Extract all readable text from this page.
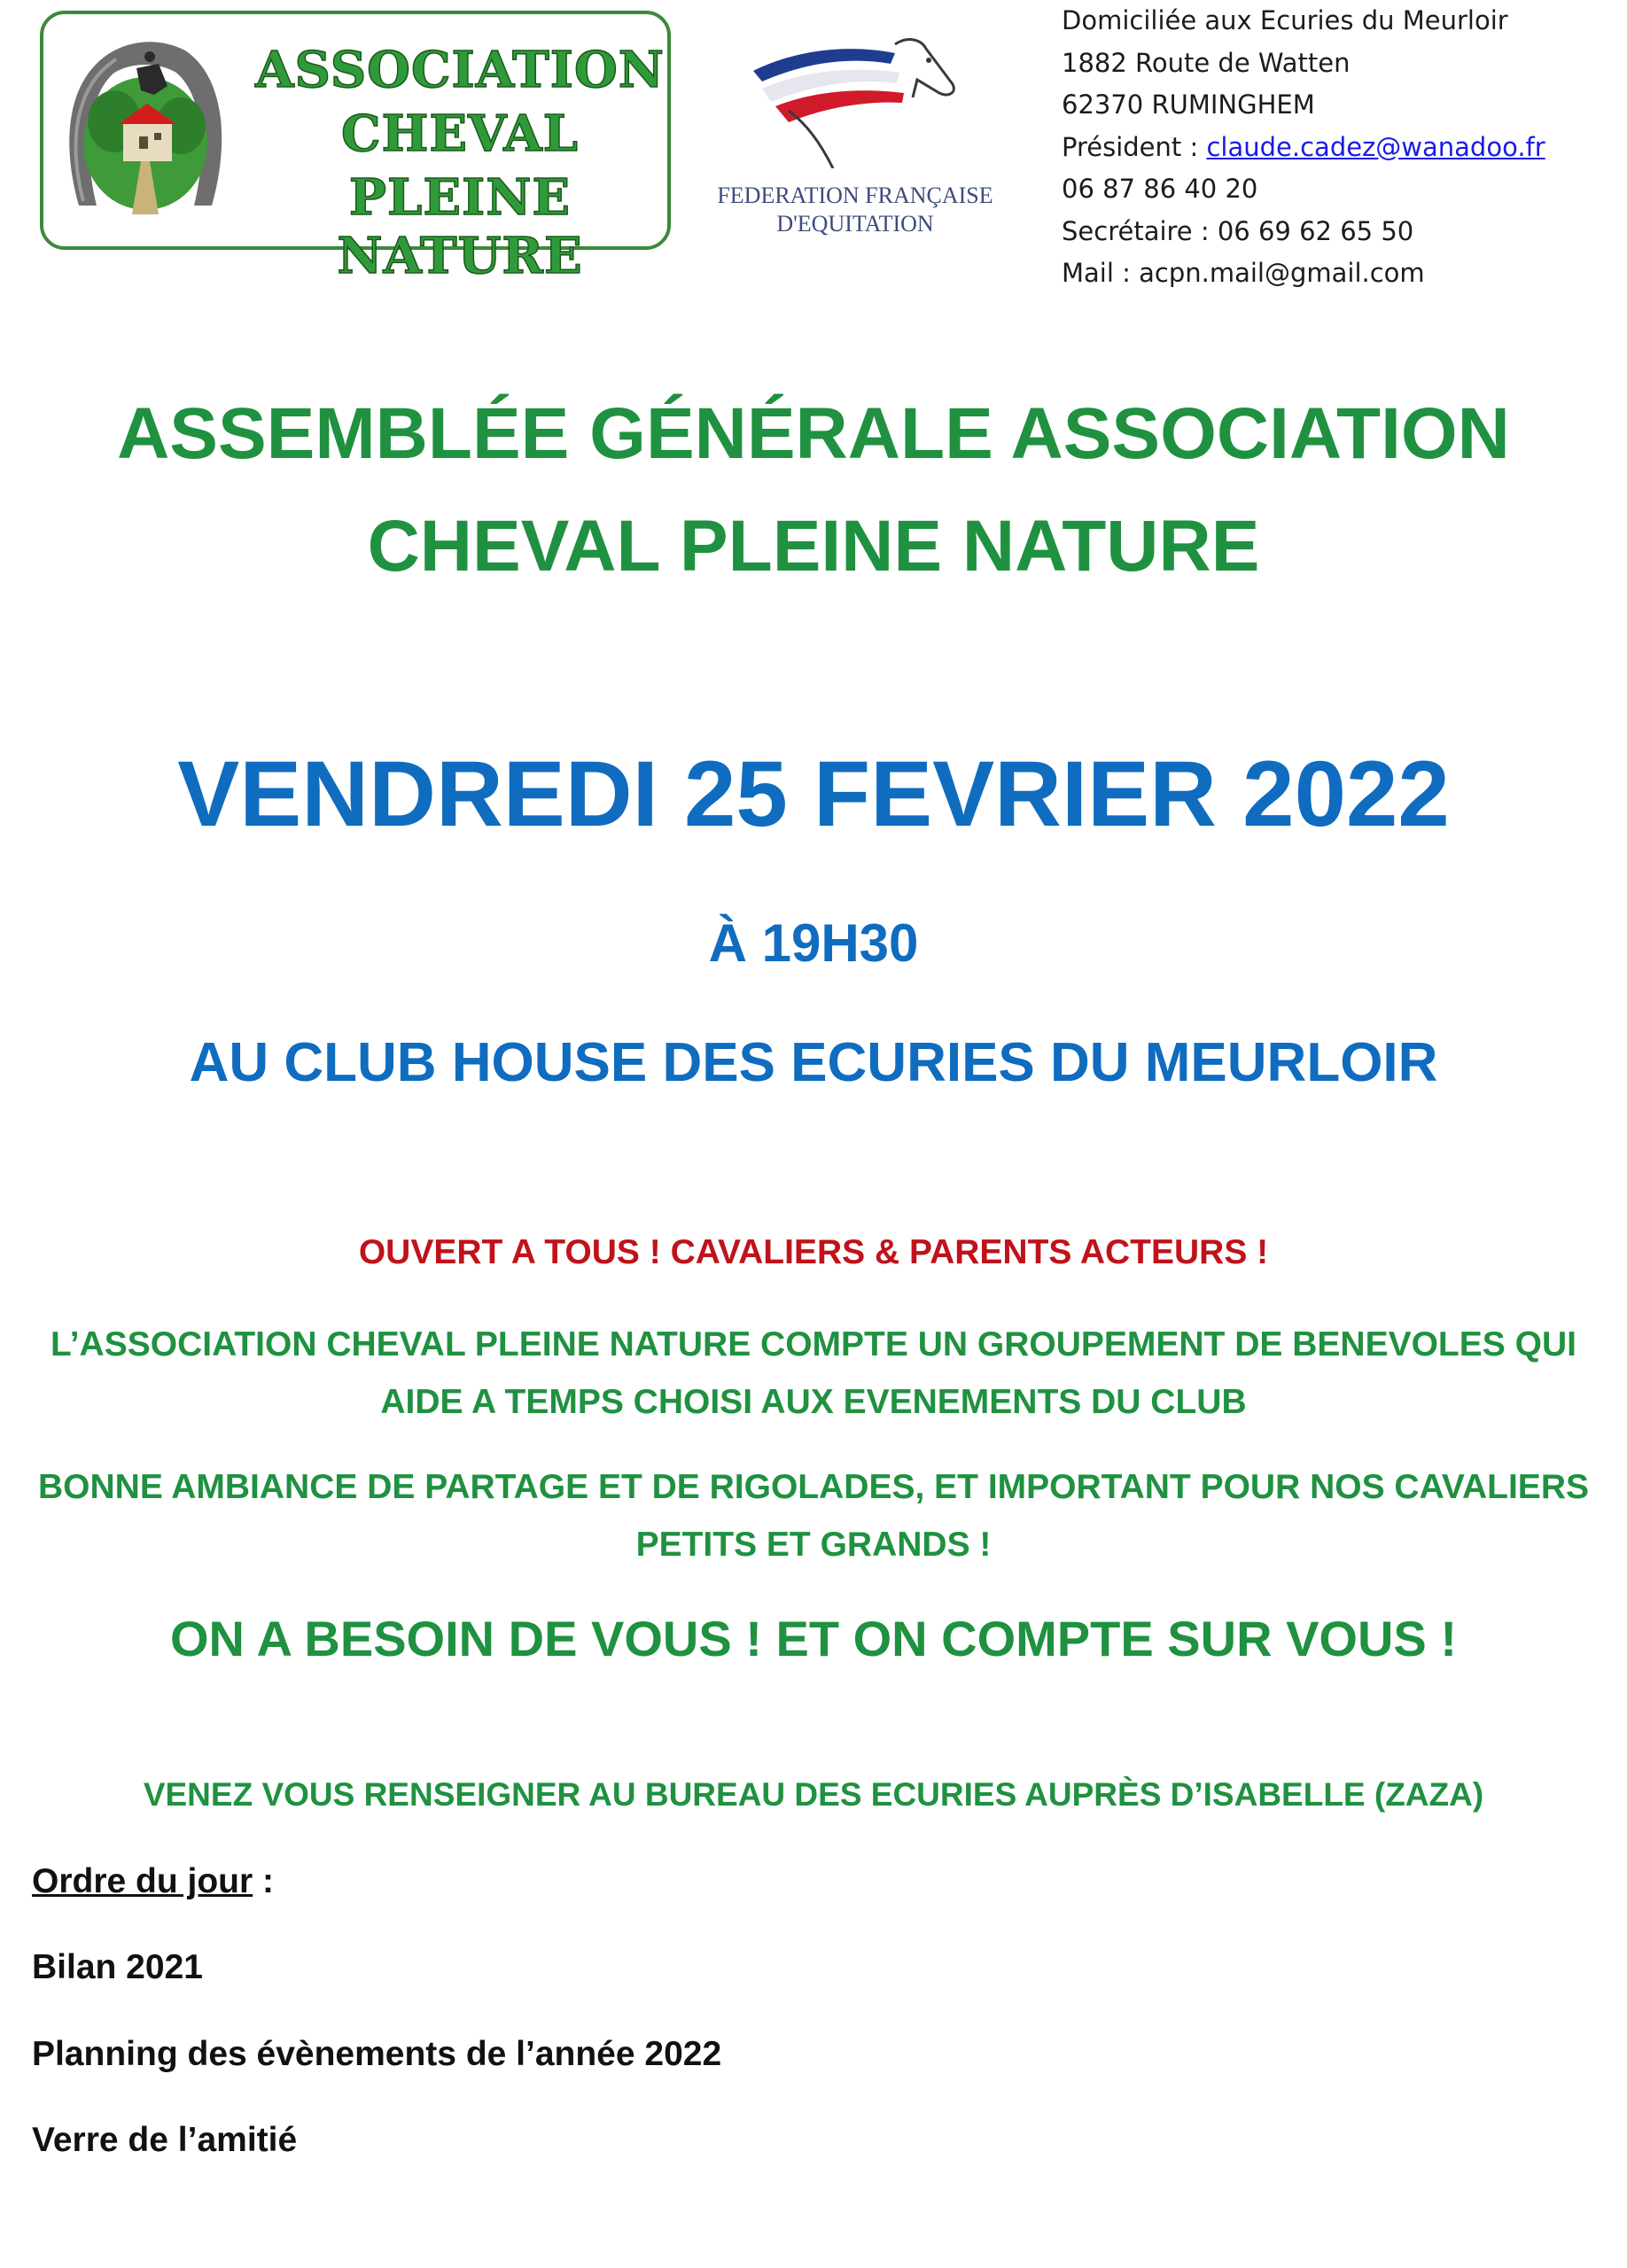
ASSOCIATION
CHEVAL
PLEINE NATURE
FEDERATION FRANÇAISE
D'EQUITATION
Domiciliée aux Ecuries du Meurloir
1882 Route de Watten
62370 RUMINGHEM
Président : claude.cadez@wanadoo.fr
06 87 86 40 20
Secrétaire : 06 69 62 65 50
Mail : acpn.mail@gmail.com
ASSEMBLÉE GÉNÉRALE ASSOCIATION
CHEVAL PLEINE NATURE
VENDREDI 25 FEVRIER 2022
À 19H30
AU CLUB HOUSE DES ECURIES DU MEURLOIR
OUVERT A TOUS ! CAVALIERS & PARENTS ACTEURS !
L’ASSOCIATION CHEVAL PLEINE NATURE COMPTE UN GROUPEMENT DE BENEVOLES QUI
AIDE A TEMPS CHOISI AUX EVENEMENTS DU CLUB
BONNE AMBIANCE DE PARTAGE ET DE RIGOLADES, ET IMPORTANT POUR NOS CAVALIERS
PETITS ET GRANDS !
ON A BESOIN DE VOUS ! ET ON COMPTE SUR VOUS !
VENEZ VOUS RENSEIGNER AU BUREAU DES ECURIES AUPRÈS D’ISABELLE (ZAZA)
Ordre du jour :
Bilan 2021
Planning des évènements de l’année 2022
Verre de l’amitié
